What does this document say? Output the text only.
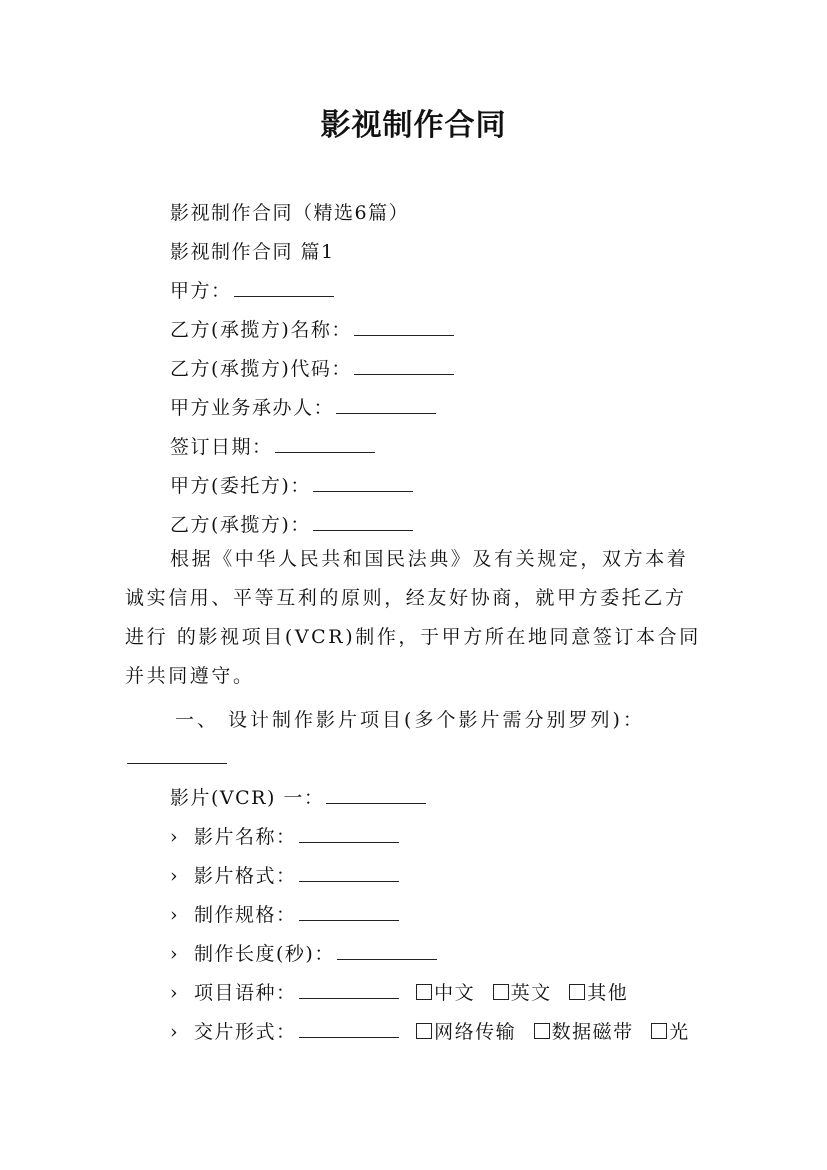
影视制作合同
影视制作合同（精选6篇）
影视制作合同 篇1
甲方：
乙方(承揽方)名称：
乙方(承揽方)代码：
甲方业务承办人：
签订日期：
甲方(委托方)：
乙方(承揽方)：
根据《中华人民共和国民法典》及有关规定，双方本着诚实信用、平等互利的原则，经友好协商，就甲方委托乙方进行 的影视项目(VCR)制作，于甲方所在地同意签订本合同并共同遵守。
一、 设计制作影片项目(多个影片需分别罗列)：
影片(VCR) 一：
› 影片名称：
› 影片格式：
› 制作规格：
› 制作长度(秒)：
› 项目语种：	中文 英文 其他
› 交片形式：	网络传输 数据磁带 光
